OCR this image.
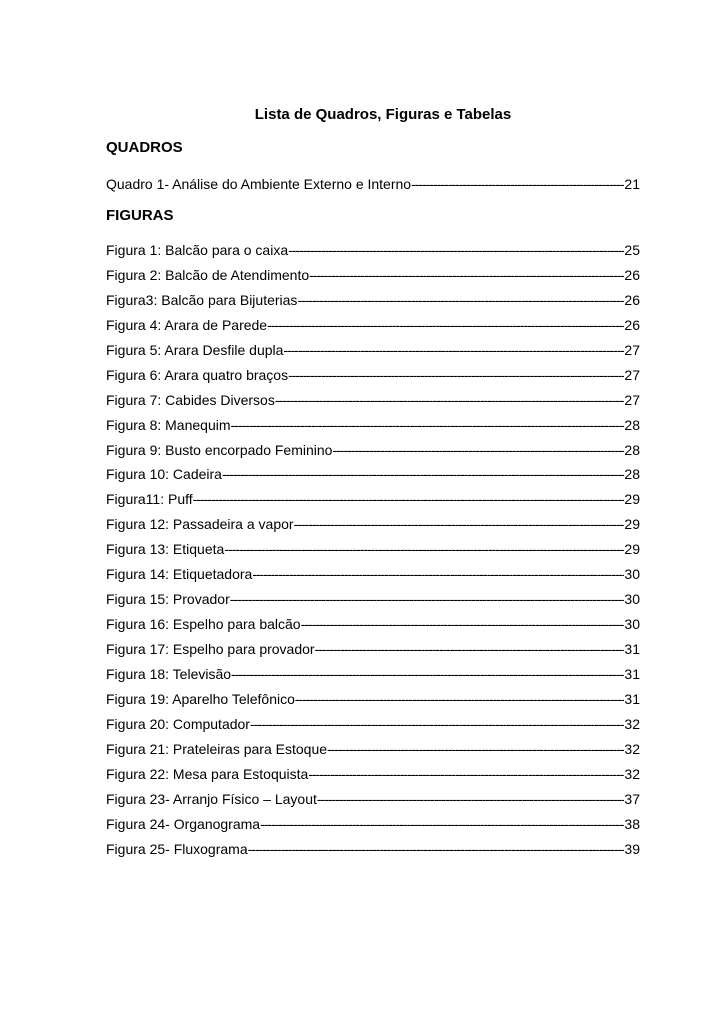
Lista de Quadros, Figuras e Tabelas
QUADROS
Quadro 1- Análise do Ambiente Externo e Interno -----	21
FIGURAS
Figura 1: Balcão para o caixa -----	25
Figura 2: Balcão de Atendimento -----	26
Figura3: Balcão para Bijuterias -----	26
Figura 4: Arara de Parede -----	26
Figura 5: Arara Desfile dupla -----	27
Figura 6: Arara quatro braços -----	27
Figura 7: Cabides Diversos -----	27
Figura 8: Manequim -----	28
Figura 9: Busto encorpado Feminino -----	28
Figura 10: Cadeira -----	28
Figura11: Puff -----	29
Figura 12: Passadeira a vapor -----	29
Figura 13: Etiqueta -----	29
Figura 14: Etiquetadora -----	30
Figura 15: Provador -----	30
Figura 16: Espelho para balcão -----	30
Figura 17: Espelho para provador -----	31
Figura 18: Televisão -----	31
Figura 19: Aparelho Telefônico -----	31
Figura 20: Computador -----	32
Figura 21: Prateleiras para Estoque -----	32
Figura 22: Mesa para Estoquista -----	32
Figura 23- Arranjo Físico – Layout -----	37
Figura 24- Organograma -----	38
Figura 25- Fluxograma -----	39
